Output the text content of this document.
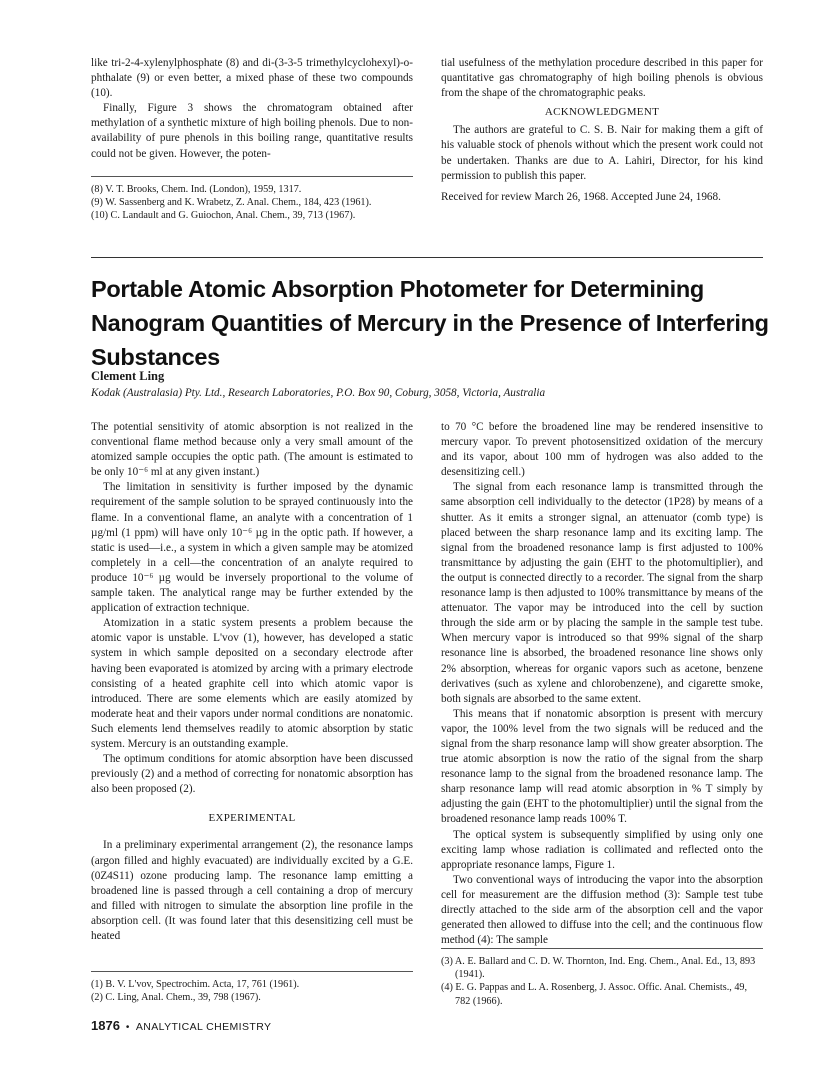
like tri-2-4-xylenylphosphate (8) and di-(3-3-5 trimethylcyclohexyl)-o-phthalate (9) or even better, a mixed phase of these two compounds (10).

Finally, Figure 3 shows the chromatogram obtained after methylation of a synthetic mixture of high boiling phenols. Due to non-availability of pure phenols in this boiling range, quantitative results could not be given. However, the poten-

(8) V. T. Brooks, Chem. Ind. (London), 1959, 1317.
(9) W. Sassenberg and K. Wrabetz, Z. Anal. Chem., 184, 423 (1961).
(10) C. Landault and G. Guiochon, Anal. Chem., 39, 713 (1967).

tial usefulness of the methylation procedure described in this paper for quantitative gas chromatography of high boiling phenols is obvious from the shape of the chromatographic peaks.

ACKNOWLEDGMENT

The authors are grateful to C. S. B. Nair for making them a gift of his valuable stock of phenols without which the present work could not be undertaken. Thanks are due to A. Lahiri, Director, for his kind permission to publish this paper.

Received for review March 26, 1968. Accepted June 24, 1968.

Portable Atomic Absorption Photometer for Determining Nanogram Quantities of Mercury in the Presence of Interfering Substances
Clement Ling
Kodak (Australasia) Pty. Ltd., Research Laboratories, P.O. Box 90, Coburg, 3058, Victoria, Australia

The potential sensitivity of atomic absorption is not realized in the conventional flame method because only a very small amount of the atomized sample occupies the optic path. (The amount is estimated to be only 10⁻⁶ ml at any given instant.)

The limitation in sensitivity is further imposed by the dynamic requirement of the sample solution to be sprayed continuously into the flame. In a conventional flame, an analyte with a concentration of 1 µg/ml (1 ppm) will have only 10⁻⁶ µg in the optic path. If however, a static is used—i.e., a system in which a given sample may be atomized completely in a cell—the concentration of an analyte required to produce 10⁻⁶ µg would be inversely proportional to the volume of sample taken. The analytical range may be further extended by the application of extraction technique.

Atomization in a static system presents a problem because the atomic vapor is unstable. L'vov (1), however, has developed a static system in which sample deposited on a secondary electrode after having been evaporated is atomized by arcing with a primary electrode consisting of a heated graphite cell into which atomic vapor is introduced. There are some elements which are easily atomized by moderate heat and their vapors under normal conditions are nonatomic. Such elements lend themselves readily to atomic absorption by static system. Mercury is an outstanding example.

The optimum conditions for atomic absorption have been discussed previously (2) and a method of correcting for nonatomic absorption has also been proposed (2).

EXPERIMENTAL

In a preliminary experimental arrangement (2), the resonance lamps (argon filled and highly evacuated) are individually excited by a G.E. (0Z4S11) ozone producing lamp. The resonance lamp emitting a broadened line is passed through a cell containing a drop of mercury and filled with nitrogen to simulate the absorption line profile in the absorption cell. (It was found later that this desensitizing cell must be heated

(1) B. V. L'vov, Spectrochim. Acta, 17, 761 (1961).
(2) C. Ling, Anal. Chem., 39, 798 (1967).

to 70 °C before the broadened line may be rendered insensitive to mercury vapor. To prevent photosensitized oxidation of the mercury and its vapor, about 100 mm of hydrogen was also added to the desensitizing cell.)

The signal from each resonance lamp is transmitted through the same absorption cell individually to the detector (1P28) by means of a shutter. As it emits a stronger signal, an attenuator (comb type) is placed between the sharp resonance lamp and its exciting lamp. The signal from the broadened resonance lamp is first adjusted to 100% transmittance by adjusting the gain (EHT to the photomultiplier), and the output is connected directly to a recorder. The signal from the sharp resonance lamp is then adjusted to 100% transmittance by means of the attenuator. The vapor may be introduced into the cell by suction through the side arm or by placing the sample in the sample test tube. When mercury vapor is introduced so that 99% signal of the sharp resonance line is absorbed, the broadened resonance line shows only 2% absorption, whereas for organic vapors such as acetone, benzene derivatives (such as xylene and chlorobenzene), and cigarette smoke, both signals are absorbed to the same extent.

This means that if nonatomic absorption is present with mercury vapor, the 100% level from the two signals will be reduced and the signal from the sharp resonance lamp will show greater absorption. The true atomic absorption is now the ratio of the signal from the sharp resonance lamp to the signal from the broadened resonance lamp. The sharp resonance lamp will read atomic absorption in % T simply by adjusting the gain (EHT to the photomultiplier) until the signal from the broadened resonance lamp reads 100% T.

The optical system is subsequently simplified by using only one exciting lamp whose radiation is collimated and reflected onto the appropriate resonance lamps, Figure 1.

Two conventional ways of introducing the vapor into the absorption cell for measurement are the diffusion method (3): Sample test tube directly attached to the side arm of the absorption cell and the vapor generated then allowed to diffuse into the cell; and the continuous flow method (4): The sample

(3) A. E. Ballard and C. D. W. Thornton, Ind. Eng. Chem., Anal. Ed., 13, 893 (1941).
(4) E. G. Pappas and L. A. Rosenberg, J. Assoc. Offic. Anal. Chemists., 49, 782 (1966).
1876 • ANALYTICAL CHEMISTRY
